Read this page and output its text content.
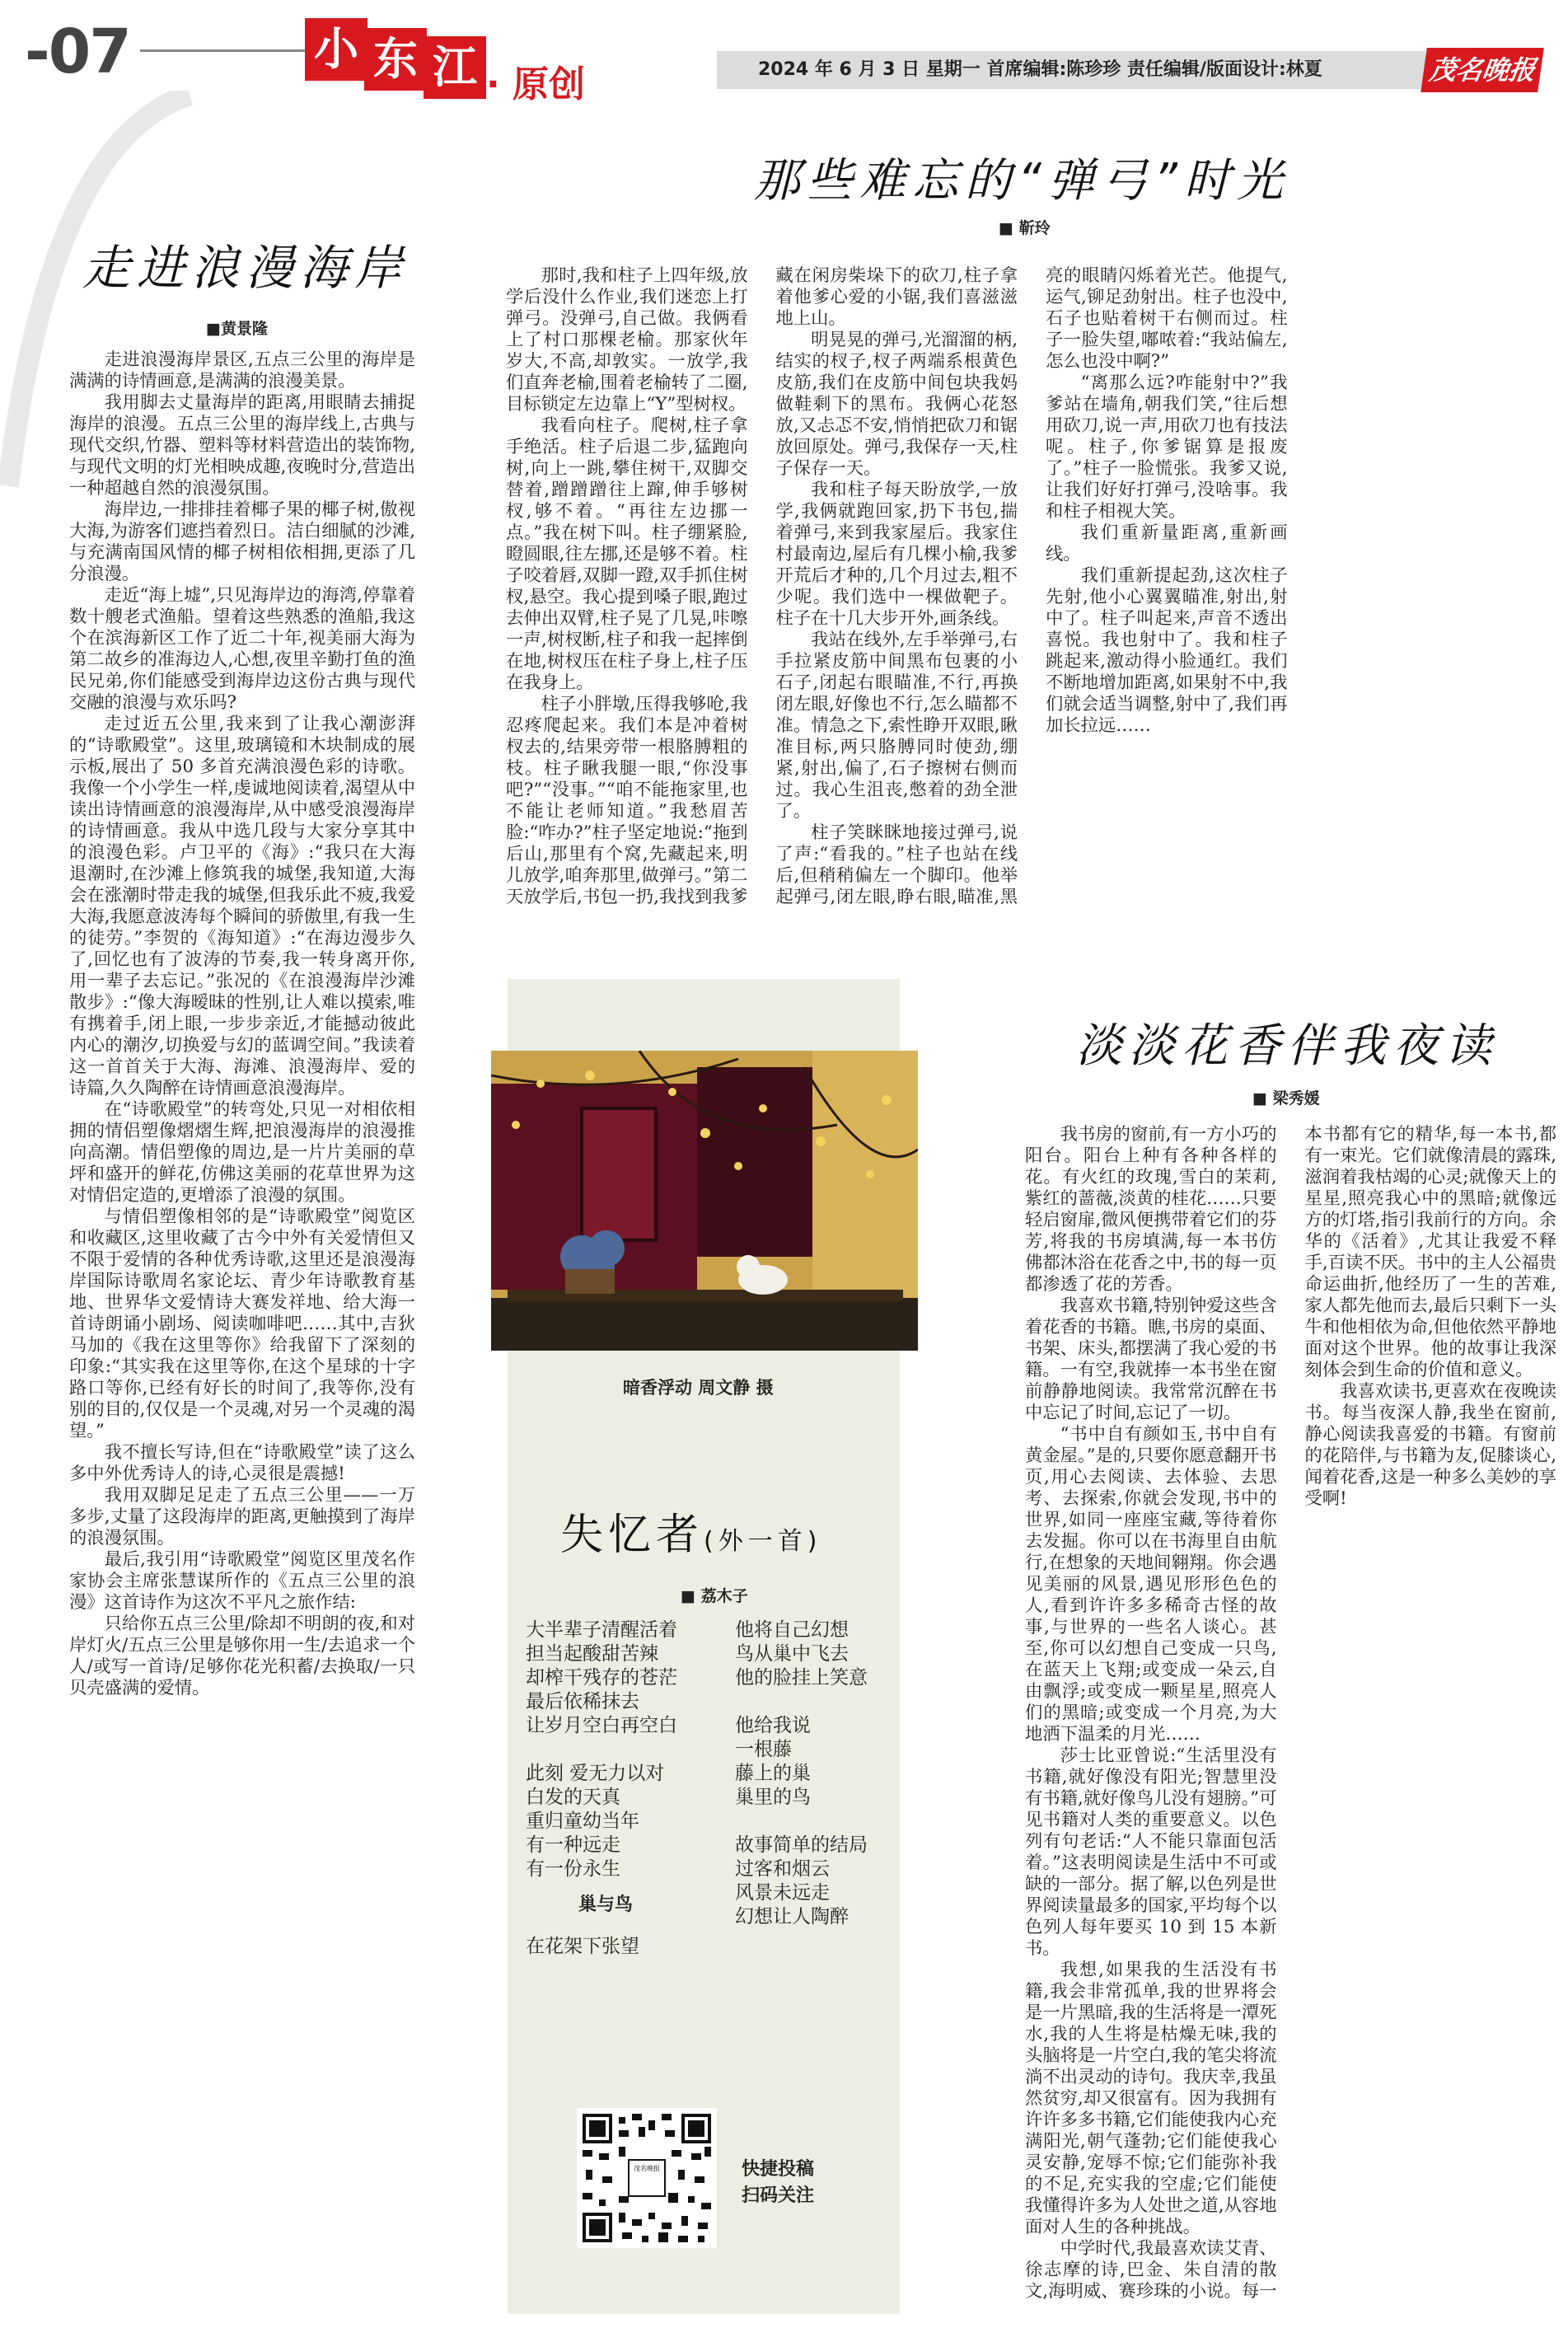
-07	小 东 江 · 原创	2024 年 6 月 3 日 星期一 首席编辑:陈珍珍 责任编辑/版面设计:林夏	茂名晚报
走进浪漫海岸
■黄景隆

走进浪漫海岸景区,五点三公里的海岸是满满的诗情画意,是满满的浪漫美景。

我用脚去丈量海岸的距离,用眼睛去捕捉海岸的浪漫。五点三公里的海岸线上,古典与现代交织,竹器、塑料等材料营造出的装饰物,与现代文明的灯光相映成趣,夜晚时分,营造出一种超越自然的浪漫氛围。

海岸边,一排排挂着椰子果的椰子树,傲视大海,为游客们遮挡着烈日。洁白细腻的沙滩,与充满南国风情的椰子树相依相拥,更添了几分浪漫。

走近“海上墟”,只见海岸边的海湾,停靠着数十艘老式渔船。望着这些熟悉的渔船,我这个在滨海新区工作了近二十年,视美丽大海为第二故乡的准海边人,心想,夜里辛勤打鱼的渔民兄弟,你们能感受到海岸边这份古典与现代交融的浪漫与欢乐吗?

走过近五公里,我来到了让我心潮澎湃的“诗歌殿堂”。这里,玻璃镜和木块制成的展示板,展出了 50 多首充满浪漫色彩的诗歌。我像一个小学生一样,虔诚地阅读着,渴望从中读出诗情画意的浪漫海岸,从中感受浪漫海岸的诗情画意。我从中选几段与大家分享其中的浪漫色彩。卢卫平的《海》:“我只在大海退潮时,在沙滩上修筑我的城堡,我知道,大海会在涨潮时带走我的城堡,但我乐此不疲,我爱大海,我愿意波涛每个瞬间的骄傲里,有我一生的徒劳。”李贺的《海知道》:“在海边漫步久了,回忆也有了波涛的节奏,我一转身离开你,用一辈子去忘记。”张况的《在浪漫海岸沙滩散步》:“像大海暧昧的性别,让人难以摸索,唯有携着手,闭上眼,一步步亲近,才能撼动彼此内心的潮汐,切换爱与幻的蓝调空间。”我读着这一首首关于大海、海滩、浪漫海岸、爱的诗篇,久久陶醉在诗情画意浪漫海岸。

在“诗歌殿堂”的转弯处,只见一对相依相拥的情侣塑像熠熠生辉,把浪漫海岸的浪漫推向高潮。情侣塑像的周边,是一片片美丽的草坪和盛开的鲜花,仿佛这美丽的花草世界为这对情侣定造的,更增添了浪漫的氛围。

与情侣塑像相邻的是“诗歌殿堂”阅览区和收藏区,这里收藏了古今中外有关爱情但又不限于爱情的各种优秀诗歌,这里还是浪漫海岸国际诗歌周名家论坛、青少年诗歌教育基地、世界华文爱情诗大赛发祥地、给大海一首诗朗诵小剧场、阅读咖啡吧……其中,吉狄马加的《我在这里等你》给我留下了深刻的印象:“其实我在这里等你,在这个星球的十字路口等你,已经有好长的时间了,我等你,没有别的目的,仅仅是一个灵魂,对另一个灵魂的渴望。”

我不擅长写诗,但在“诗歌殿堂”读了这么多中外优秀诗人的诗,心灵很是震撼!

我用双脚足足走了五点三公里——一万多步,丈量了这段海岸的距离,更触摸到了海岸的浪漫氛围。

最后,我引用“诗歌殿堂”阅览区里茂名作家协会主席张慧谋所作的《五点三公里的浪漫》这首诗作为这次不平凡之旅作结:

只给你五点三公里/除却不明朗的夜,和对岸灯火/五点三公里是够你用一生/去追求一个人/或写一首诗/足够你花光积蓄/去换取/一只贝壳盛满的爱情。

那些难忘的“弹弓”时光
■ 靳玲

那时,我和柱子上四年级,放学后没什么作业,我们迷恋上打弹弓。没弹弓,自己做。我俩看上了村口那棵老榆。那家伙年岁大,不高,却敦实。一放学,我们直奔老榆,围着老榆转了二圈,目标锁定左边靠上“Y”型树杈。

我看向柱子。爬树,柱子拿手绝活。柱子后退二步,猛跑向树,向上一跳,攀住树干,双脚交替着,蹭蹭蹭往上蹿,伸手够树杈,够不着。“再往左边挪一点。”我在树下叫。柱子绷紧脸,瞪圆眼,往左挪,还是够不着。柱子咬着唇,双脚一蹬,双手抓住树杈,悬空。我心提到嗓子眼,跑过去伸出双臂,柱子晃了几晃,咔嚓一声,树杈断,柱子和我一起摔倒在地,树杈压在柱子身上,柱子压在我身上。

柱子小胖墩,压得我够呛,我忍疼爬起来。我们本是冲着树杈去的,结果旁带一根胳膊粗的枝。柱子瞅我腿一眼,“你没事吧?”“没事。”“咱不能拖家里,也不能让老师知道。”我愁眉苦脸:“咋办?”柱子坚定地说:“拖到后山,那里有个窝,先藏起来,明儿放学,咱奔那里,做弹弓。”第二天放学后,书包一扔,我找到我爹藏在闲房柴垛下的砍刀,柱子拿着他爹心爱的小锯,我们喜滋滋地上山。

明晃晃的弹弓,光溜溜的柄,结实的杈子,杈子两端系根黄色皮筋,我们在皮筋中间包块我妈做鞋剩下的黑布。我俩心花怒放,又忐忑不安,悄悄把砍刀和锯放回原处。弹弓,我保存一天,柱子保存一天。

我和柱子每天盼放学,一放学,我俩就跑回家,扔下书包,揣着弹弓,来到我家屋后。我家住村最南边,屋后有几棵小榆,我爹开荒后才种的,几个月过去,粗不少呢。我们选中一棵做靶子。柱子在十几大步开外,画条线。

我站在线外,左手举弹弓,右手拉紧皮筋中间黑布包裹的小石子,闭起右眼瞄准,不行,再换闭左眼,好像也不行,怎么瞄都不准。情急之下,索性睁开双眼,瞅准目标,两只胳膊同时使劲,绷紧,射出,偏了,石子擦树右侧而过。我心生沮丧,憋着的劲全泄了。

柱子笑眯眯地接过弹弓,说了声:“看我的。”柱子也站在线后,但稍稍偏左一个脚印。他举起弹弓,闭左眼,睁右眼,瞄准,黑亮的眼睛闪烁着光芒。他提气,运气,铆足劲射出。柱子也没中,石子也贴着树干右侧而过。柱子一脸失望,嘟哝着:“我站偏左,怎么也没中啊?”

“离那么远?咋能射中?”我爹站在墙角,朝我们笑,“往后想用砍刀,说一声,用砍刀也有技法呢。柱子,你爹锯算是报废了。”柱子一脸慌张。我爹又说,让我们好好打弹弓,没啥事。我和柱子相视大笑。

我们重新量距离,重新画线。

我们重新提起劲,这次柱子先射,他小心翼翼瞄准,射出,射中了。柱子叫起来,声音不透出喜悦。我也射中了。我和柱子跳起来,激动得小脸通红。我们不断地增加距离,如果射不中,我们就会适当调整,射中了,我们再加长拉远……

暗香浮动 周文静 摄
失忆者(外一首)
■ 荔木子
大半辈子清醒活着
担当起酸甜苦辣
却榨干残存的苍茫
最后依稀抹去
让岁月空白再空白
此刻 爱无力以对
白发的天真
重归童幼当年
有一种远走
有一份永生
巢与鸟
在花架下张望
他将自己幻想
鸟从巢中飞去
他的脸挂上笑意
他给我说
一根藤
藤上的巢
巢里的鸟
故事简单的结局
过客和烟云
风景未远走
幻想让人陶醉
茂名晚报	快捷投稿
扫码关注
淡淡花香伴我夜读
■ 梁秀媛

我书房的窗前,有一方小巧的阳台。阳台上种有各种各样的花。有火红的玫瑰,雪白的茉莉,紫红的蔷薇,淡黄的桂花……只要轻启窗扉,微风便携带着它们的芬芳,将我的书房填满,每一本书仿佛都沐浴在花香之中,书的每一页都渗透了花的芳香。

我喜欢书籍,特别钟爱这些含着花香的书籍。瞧,书房的桌面、书架、床头,都摆满了我心爱的书籍。一有空,我就捧一本书坐在窗前静静地阅读。我常常沉醉在书中忘记了时间,忘记了一切。

“书中自有颜如玉,书中自有黄金屋。”是的,只要你愿意翻开书页,用心去阅读、去体验、去思考、去探索,你就会发现,书中的世界,如同一座座宝藏,等待着你去发掘。你可以在书海里自由航行,在想象的天地间翱翔。你会遇见美丽的风景,遇见形形色色的人,看到许许多多稀奇古怪的故事,与世界的一些名人谈心。甚至,你可以幻想自己变成一只鸟,在蓝天上飞翔;或变成一朵云,自由飘浮;或变成一颗星星,照亮人们的黑暗;或变成一个月亮,为大地洒下温柔的月光……

莎士比亚曾说:“生活里没有书籍,就好像没有阳光;智慧里没有书籍,就好像鸟儿没有翅膀。”可见书籍对人类的重要意义。以色列有句老话:“人不能只靠面包活着。”这表明阅读是生活中不可或缺的一部分。据了解,以色列是世界阅读量最多的国家,平均每个以色列人每年要买 10 到 15 本新书。

我想,如果我的生活没有书籍,我会非常孤单,我的世界将会是一片黑暗,我的生活将是一潭死水,我的人生将是枯燥无味,我的头脑将是一片空白,我的笔尖将流淌不出灵动的诗句。我庆幸,我虽然贫穷,却又很富有。因为我拥有许许多多书籍,它们能使我内心充满阳光,朝气蓬勃;它们能使我心灵安静,宠辱不惊;它们能弥补我的不足,充实我的空虚;它们能使我懂得许多为人处世之道,从容地面对人生的各种挑战。

中学时代,我最喜欢读艾青、徐志摩的诗,巴金、朱自清的散文,海明威、赛珍珠的小说。每一本书都有它的精华,每一本书,都有一束光。它们就像清晨的露珠,滋润着我枯竭的心灵;就像天上的星星,照亮我心中的黑暗;就像远方的灯塔,指引我前行的方向。余华的《活着》,尤其让我爱不释手,百读不厌。书中的主人公福贵命运曲折,他经历了一生的苦难,家人都先他而去,最后只剩下一头牛和他相依为命,但他依然平静地面对这个世界。他的故事让我深刻体会到生命的价值和意义。

我喜欢读书,更喜欢在夜晚读书。每当夜深人静,我坐在窗前,静心阅读我喜爱的书籍。有窗前的花陪伴,与书籍为友,促膝谈心,闻着花香,这是一种多么美妙的享受啊!
